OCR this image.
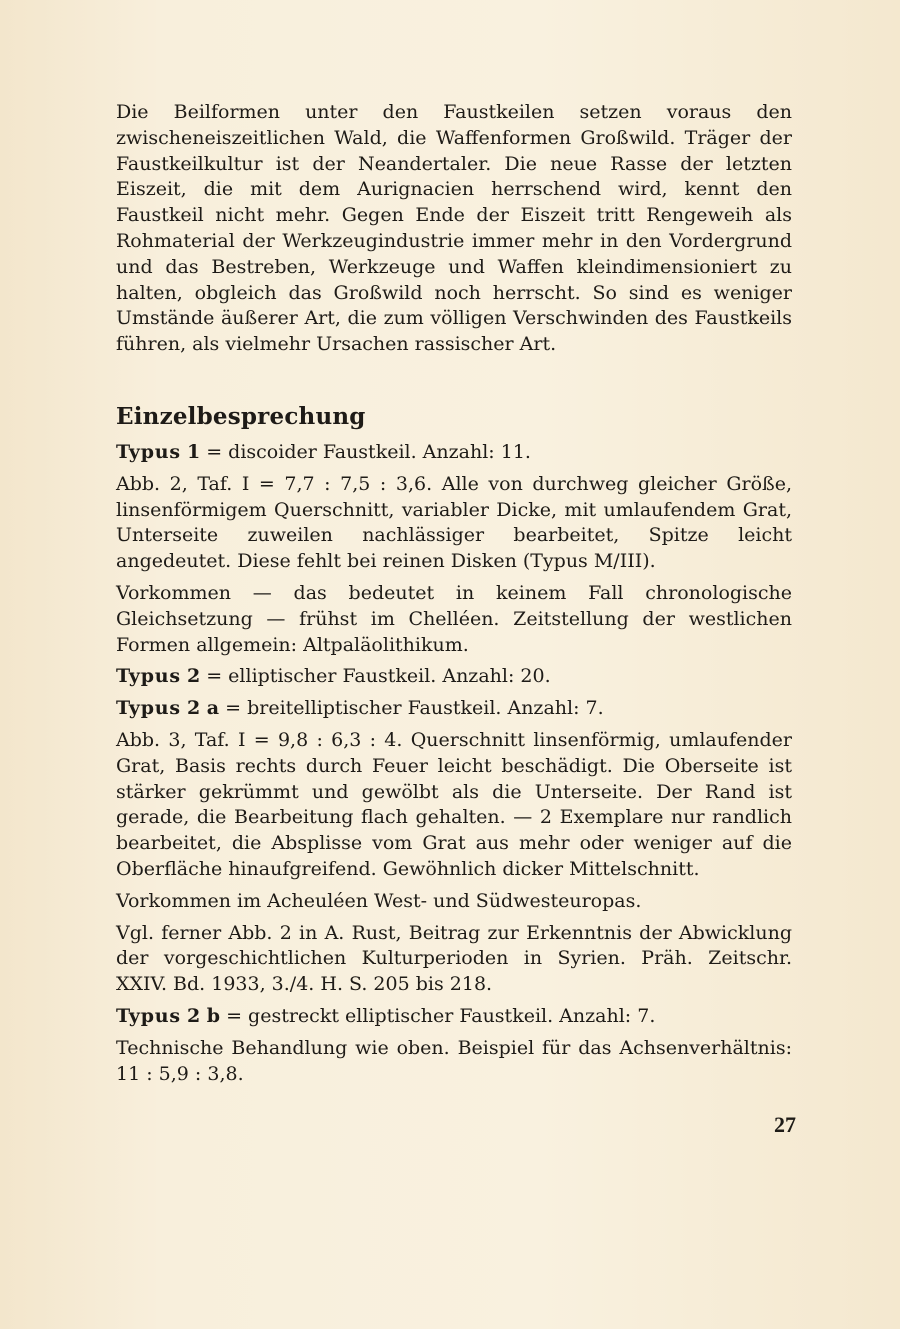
Die Beilformen unter den Faustkeilen setzen voraus den zwischeneiszeitlichen Wald, die Waffenformen Großwild. Träger der Faustkeilkultur ist der Neandertaler. Die neue Rasse der letzten Eiszeit, die mit dem Aurignacien herrschend wird, kennt den Faustkeil nicht mehr. Gegen Ende der Eiszeit tritt Rengeweih als Rohmaterial der Werkzeugindustrie immer mehr in den Vordergrund und das Bestreben, Werkzeuge und Waffen kleindimensioniert zu halten, obgleich das Großwild noch herrscht. So sind es weniger Umstände äußerer Art, die zum völligen Verschwinden des Faustkeils führen, als vielmehr Ursachen rassischer Art.

Einzelbesprechung

Typus 1 = discoider Faustkeil. Anzahl: 11.

Abb. 2, Taf. I = 7,7 : 7,5 : 3,6. Alle von durchweg gleicher Größe, linsenförmigem Querschnitt, variabler Dicke, mit umlaufendem Grat, Unterseite zuweilen nachlässiger bearbeitet, Spitze leicht angedeutet. Diese fehlt bei reinen Disken (Typus M/III).

Vorkommen — das bedeutet in keinem Fall chronologische Gleichsetzung — frühst im Chelléen. Zeitstellung der westlichen Formen allgemein: Altpaläolithikum.

Typus 2 = elliptischer Faustkeil. Anzahl: 20.

Typus 2 a = breitelliptischer Faustkeil. Anzahl: 7.

Abb. 3, Taf. I = 9,8 : 6,3 : 4. Querschnitt linsenförmig, umlaufender Grat, Basis rechts durch Feuer leicht beschädigt. Die Oberseite ist stärker gekrümmt und gewölbt als die Unterseite. Der Rand ist gerade, die Bearbeitung flach gehalten. — 2 Exemplare nur randlich bearbeitet, die Absplisse vom Grat aus mehr oder weniger auf die Oberfläche hinaufgreifend. Gewöhnlich dicker Mittelschnitt.

Vorkommen im Acheuléen West- und Südwesteuropas.

Vgl. ferner Abb. 2 in A. Rust, Beitrag zur Erkenntnis der Abwicklung der vorgeschichtlichen Kulturperioden in Syrien. Präh. Zeitschr. XXIV. Bd. 1933, 3./4. H. S. 205 bis 218.

Typus 2 b = gestreckt elliptischer Faustkeil. Anzahl: 7.

Technische Behandlung wie oben. Beispiel für das Achsenverhältnis: 11 : 5,9 : 3,8.

27
